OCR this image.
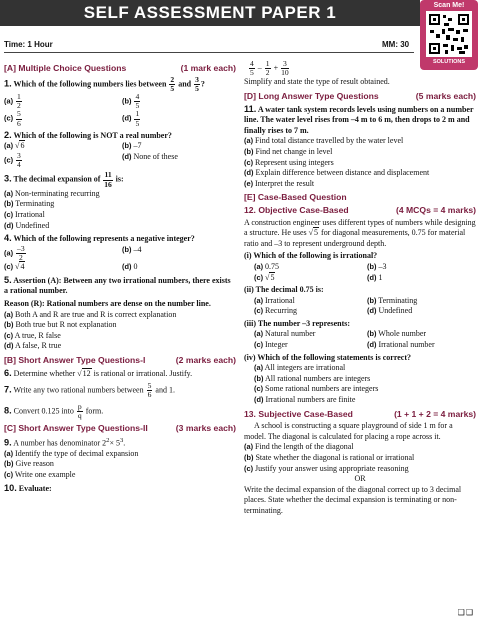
SELF ASSESSMENT PAPER 1	Scan Me!
SOLUTIONS
Time: 1 Hour	MM: 30
[A] Multiple Choice Questions	(1 mark each)
1. Which of the following numbers lies between $\frac{2}{5}$ and $\frac{3}{5}$ ?
$(a) \frac{1}{2}$	$(b) \frac{4}{5}$
$(c) \frac{5}{6}$	$(d) \frac{1}{5}$
2. Which of the following is NOT a real number?
(a) √6	(b) –7
$(c) \frac{3}{4}$	(d) None of these
3. The decimal expansion of $\frac{11}{16}$ is:
(a) Non-terminating recurring
(b) Terminating
(c) Irrational
(d) Undefined
4. Which of the following represents a negative integer?
$(a) \frac{-3}{2}$	(b) –4
(c) √4	(d) 0
5. Assertion (A): Between any two irrational numbers, there exists a rational number.
Reason (R): Rational numbers are dense on the number line.
(a) Both A and R are true and R is correct explanation
(b) Both true but R not explanation
(c) A true, R false
(d) A false, R true
[B] Short Answer Type Questions-I	(2 marks each)
6. Determine whether √12 is rational or irrational. Justify.
7. Write any two rational numbers between $\frac{5}{6}$ and 1.
8. Convert 0.125 into $\frac{p}{q}$ form.
[C] Short Answer Type Questions-II	(3 marks each)
9. A number has denominator $2^2\times 5^3$.
(a) Identify the type of decimal expansion
(b) Give reason
(c) Write one example
10. Evaluate:
$\frac{4}{5} - \frac{1}{2} + \frac{3}{10}$
Simplify and state the type of result obtained.
[D] Long Answer Type Questions	(5 marks each)
11. A water tank system records levels using numbers on a number line. The water level rises from –4 m to 6 m, then drops to 2 m and finally rises to 7 m.
(a) Find total distance travelled by the water level
(b) Find net change in level
(c) Represent using integers
(d) Explain difference between distance and displacement
(e) Interpret the result
[E] Case-Based Question
12. Objective Case-Based	(4 MCQs = 4 marks)
A construction engineer uses different types of numbers while designing a structure. He uses √5 for diagonal measurements, 0.75 for material ratio and –3 to represent underground depth.
(i) Which of the following is irrational?
(a) 0.75	(b) –3
(c) √5	(d) 1
(ii) The decimal 0.75 is:
(a) Irrational	(b) Terminating
(c) Recurring	(d) Undefined
(iii) The number –3 represents:
(a) Natural number	(b) Whole number
(c) Integer	(d) Irrational number
(iv) Which of the following statements is correct?
(a) All integers are irrational
(b) All rational numbers are integers
(c) Some rational numbers are integers
(d) Irrational numbers are finite
13. Subjective Case-Based	(1 + 1 + 2 = 4 marks)
A school is constructing a square playground of side 1 m for a model. The diagonal is calculated for placing a rope across it.
(a) Find the length of the diagonal
(b) State whether the diagonal is rational or irrational
(c) Justify your answer using appropriate reasoning
OR
Write the decimal expansion of the diagonal correct up to 3 decimal places. State whether the decimal expansion is terminating or non-terminating.
❑❑
